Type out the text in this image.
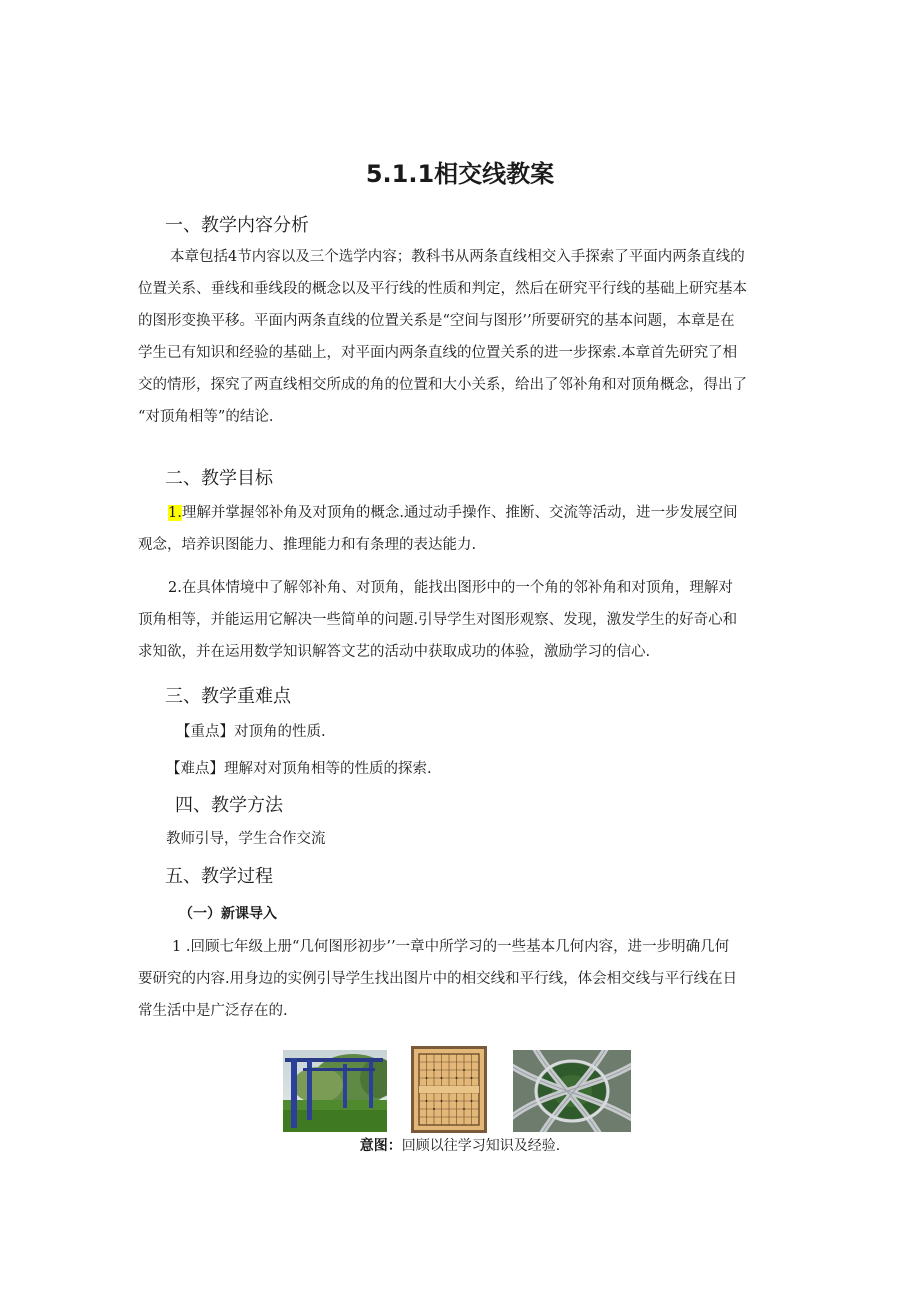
5.1.1相交线教案
一、教学内容分析
本章包括4节内容以及三个选学内容；教科书从两条直线相交入手探索了平面内两条直线的
位置关系、垂线和垂线段的概念以及平行线的性质和判定，然后在研究平行线的基础上研究基本
的图形变换平移。平面内两条直线的位置关系是“空间与图形’’所要研究的基本问题，本章是在
学生已有知识和经验的基础上，对平面内两条直线的位置关系的进一步探索.本章首先研究了相
交的情形，探究了两直线相交所成的角的位置和大小关系，给出了邻补角和对顶角概念，得出了
“对顶角相等”的结论.
二、教学目标
1.理解并掌握邻补角及对顶角的概念.通过动手操作、推断、交流等活动，进一步发展空间
观念，培养识图能力、推理能力和有条理的表达能力.
2.在具体情境中了解邻补角、对顶角，能找出图形中的一个角的邻补角和对顶角，理解对
顶角相等，并能运用它解决一些简单的问题.引导学生对图形观察、发现，激发学生的好奇心和
求知欲，并在运用数学知识解答文艺的活动中获取成功的体验，激励学习的信心.
三、教学重难点
【重点】对顶角的性质.
【难点】理解对对顶角相等的性质的探索.
四、教学方法
教师引导，学生合作交流
五、教学过程
（一）新课导入
1 .回顾七年级上册“几何图形初步’’一章中所学习的一些基本几何内容，进一步明确几何
要研究的内容.用身边的实例引导学生找出图片中的相交线和平行线，体会相交线与平行线在日
常生活中是广泛存在的.
意图：回顾以往学习知识及经验.
